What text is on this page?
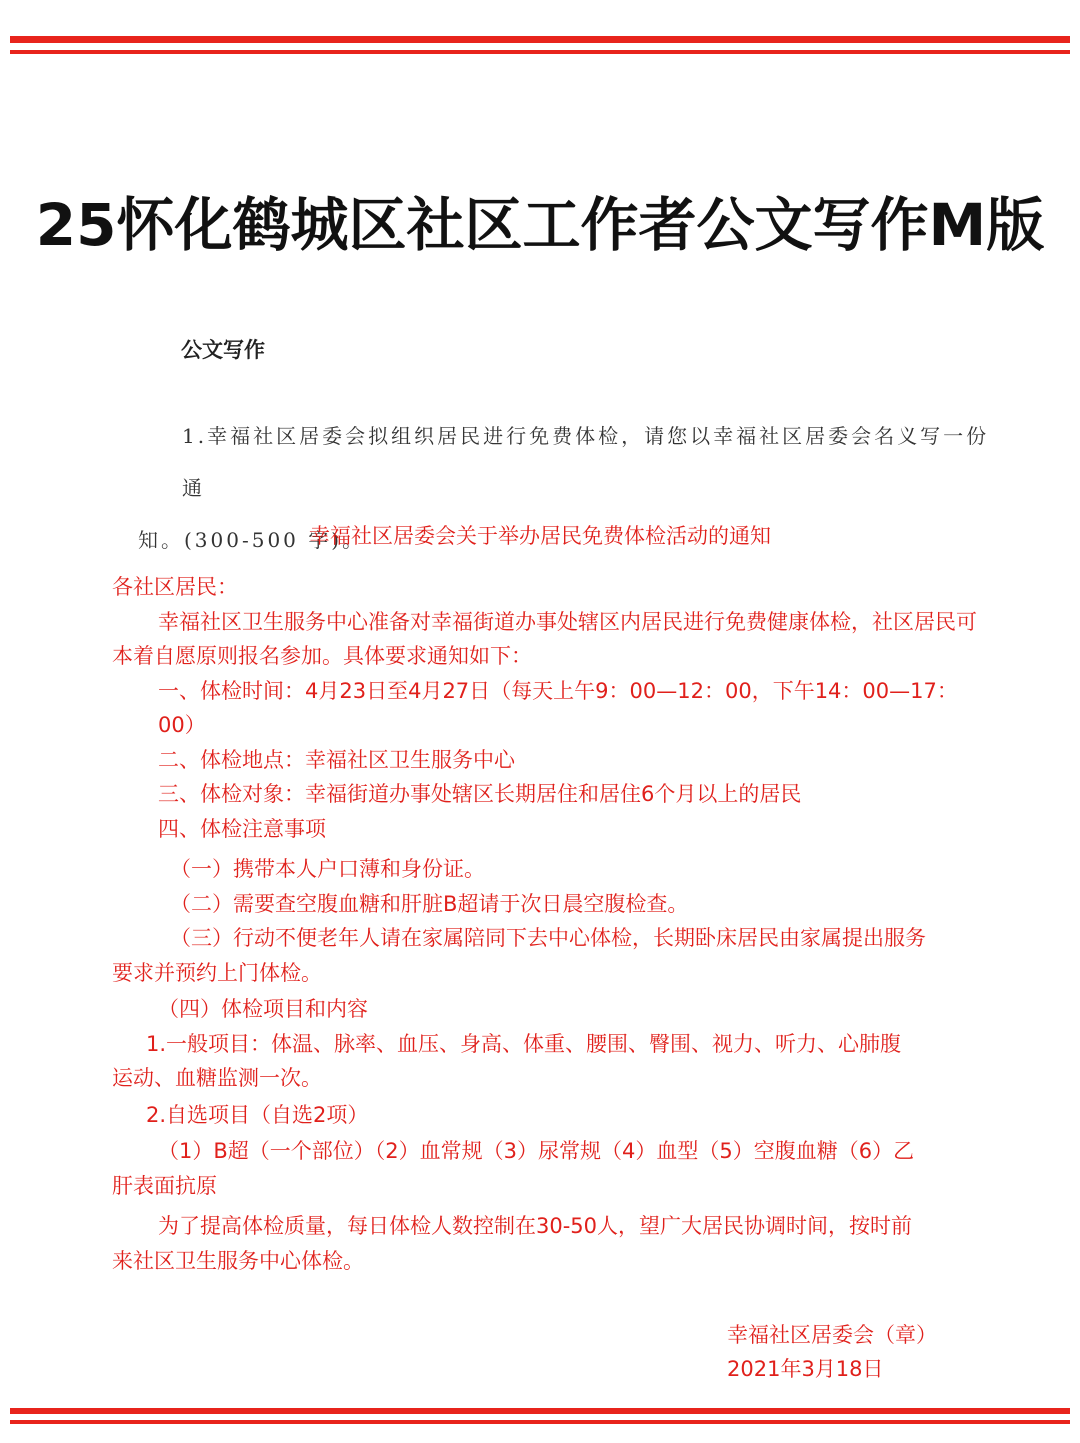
25怀化鹤城区社区工作者公文写作M版
公文写作
1.幸福社区居委会拟组织居民进行免费体检，请您以幸福社区居委会名义写一份通
知。(300-500 字)。
幸福社区居委会关于举办居民免费体检活动的通知

各社区居民：

幸福社区卫生服务中心准备对幸福街道办事处辖区内居民进行免费健康体检，社区居民可本着自愿原则报名参加。具体要求通知如下：

一、体检时间：4月23日至4月27日（每天上午9：00—12：00，下午14：00—17：00）

二、体检地点：幸福社区卫生服务中心

三、体检对象：幸福街道办事处辖区长期居住和居住6个月以上的居民

四、体检注意事项

（一）携带本人户口薄和身份证。

（二）需要查空腹血糖和肝脏B超请于次日晨空腹检查。

（三）行动不便老年人请在家属陪同下去中心体检，长期卧床居民由家属提出服务

要求并预约上门体检。

（四）体检项目和内容

1.一般项目：体温、脉率、血压、身高、体重、腰围、臀围、视力、听力、心肺腹

运动、血糖监测一次。

2.自选项目（自选2项）

（1）B超（一个部位）（2）血常规（3）尿常规（4）血型（5）空腹血糖（6）乙

肝表面抗原

为了提高体检质量，每日体检人数控制在30-50人，望广大居民协调时间，按时前

来社区卫生服务中心体检。

幸福社区居委会（章）
2021年3月18日
